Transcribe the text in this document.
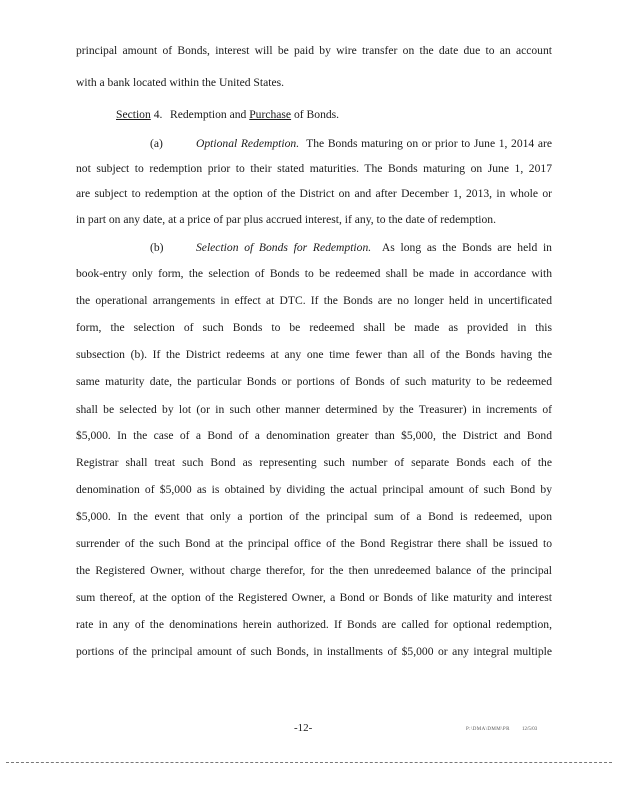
principal amount of Bonds, interest will be paid by wire transfer on the date due to an account
with a bank located within the United States.
Section 4. Redemption and Purchase of Bonds.
(a)	Optional Redemption. The Bonds maturing on or prior to June 1, 2014 are
not subject to redemption prior to their stated maturities. The Bonds maturing on June 1, 2017
are subject to redemption at the option of the District on and after December 1, 2013, in whole or
in part on any date, at a price of par plus accrued interest, if any, to the date of redemption.
(b)	Selection of Bonds for Redemption. As long as the Bonds are held in
book-entry only form, the selection of Bonds to be redeemed shall be made in accordance with
the operational arrangements in effect at DTC. If the Bonds are no longer held in uncertificated
form, the selection of such Bonds to be redeemed shall be made as provided in this
subsection (b). If the District redeems at any one time fewer than all of the Bonds having the
same maturity date, the particular Bonds or portions of Bonds of such maturity to be redeemed
shall be selected by lot (or in such other manner determined by the Treasurer) in increments of
$5,000. In the case of a Bond of a denomination greater than $5,000, the District and Bond
Registrar shall treat such Bond as representing such number of separate Bonds each of the
denomination of $5,000 as is obtained by dividing the actual principal amount of such Bond by
$5,000. In the event that only a portion of the principal sum of a Bond is redeemed, upon
surrender of the such Bond at the principal office of the Bond Registrar there shall be issued to
the Registered Owner, without charge therefor, for the then unredeemed balance of the principal
sum thereof, at the option of the Registered Owner, a Bond or Bonds of like maturity and interest
rate in any of the denominations herein authorized. If Bonds are called for optional redemption,
portions of the principal amount of such Bonds, in installments of $5,000 or any integral multiple
-12-	P:\DMA\DMM\PR 12/5/03
